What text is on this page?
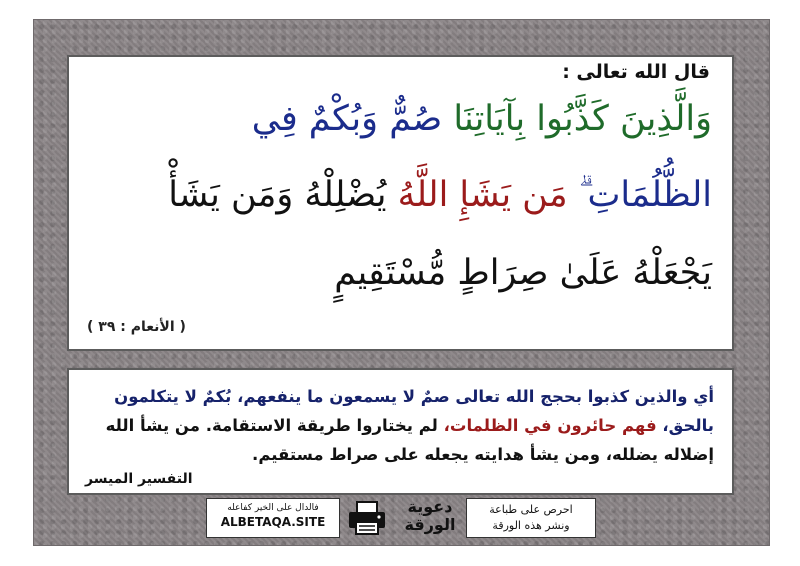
قال الله تعالى :
وَالَّذِينَ كَذَّبُوا بِآيَاتِنَا صُمٌّ وَبُكْمٌ فِي
الظُّلُمَاتِ ۗ مَن يَشَإِ اللَّهُ يُضْلِلْهُ وَمَن يَشَأْ
يَجْعَلْهُ عَلَىٰ صِرَاطٍ مُّسْتَقِيمٍ
( الأنعام : ٣٩ )
أي والذين كذبوا بحجج الله تعالى صمٌ لا يسمعون ما ينفعهم، بُكمٌ لا يتكلمون بالحق، فهم حائرون في الظلمات، لم يختاروا طريقة الاستقامة. من يشأ الله إضلاله يضلله، ومن يشأ هدايته يجعله على صراط مستقيم.
التفسير الميسر
فالدال على الخير كفاعله
ALBETAQA.SITE
دعوية
الورقة
احرص على طباعة
ونشر هذه الورقة
